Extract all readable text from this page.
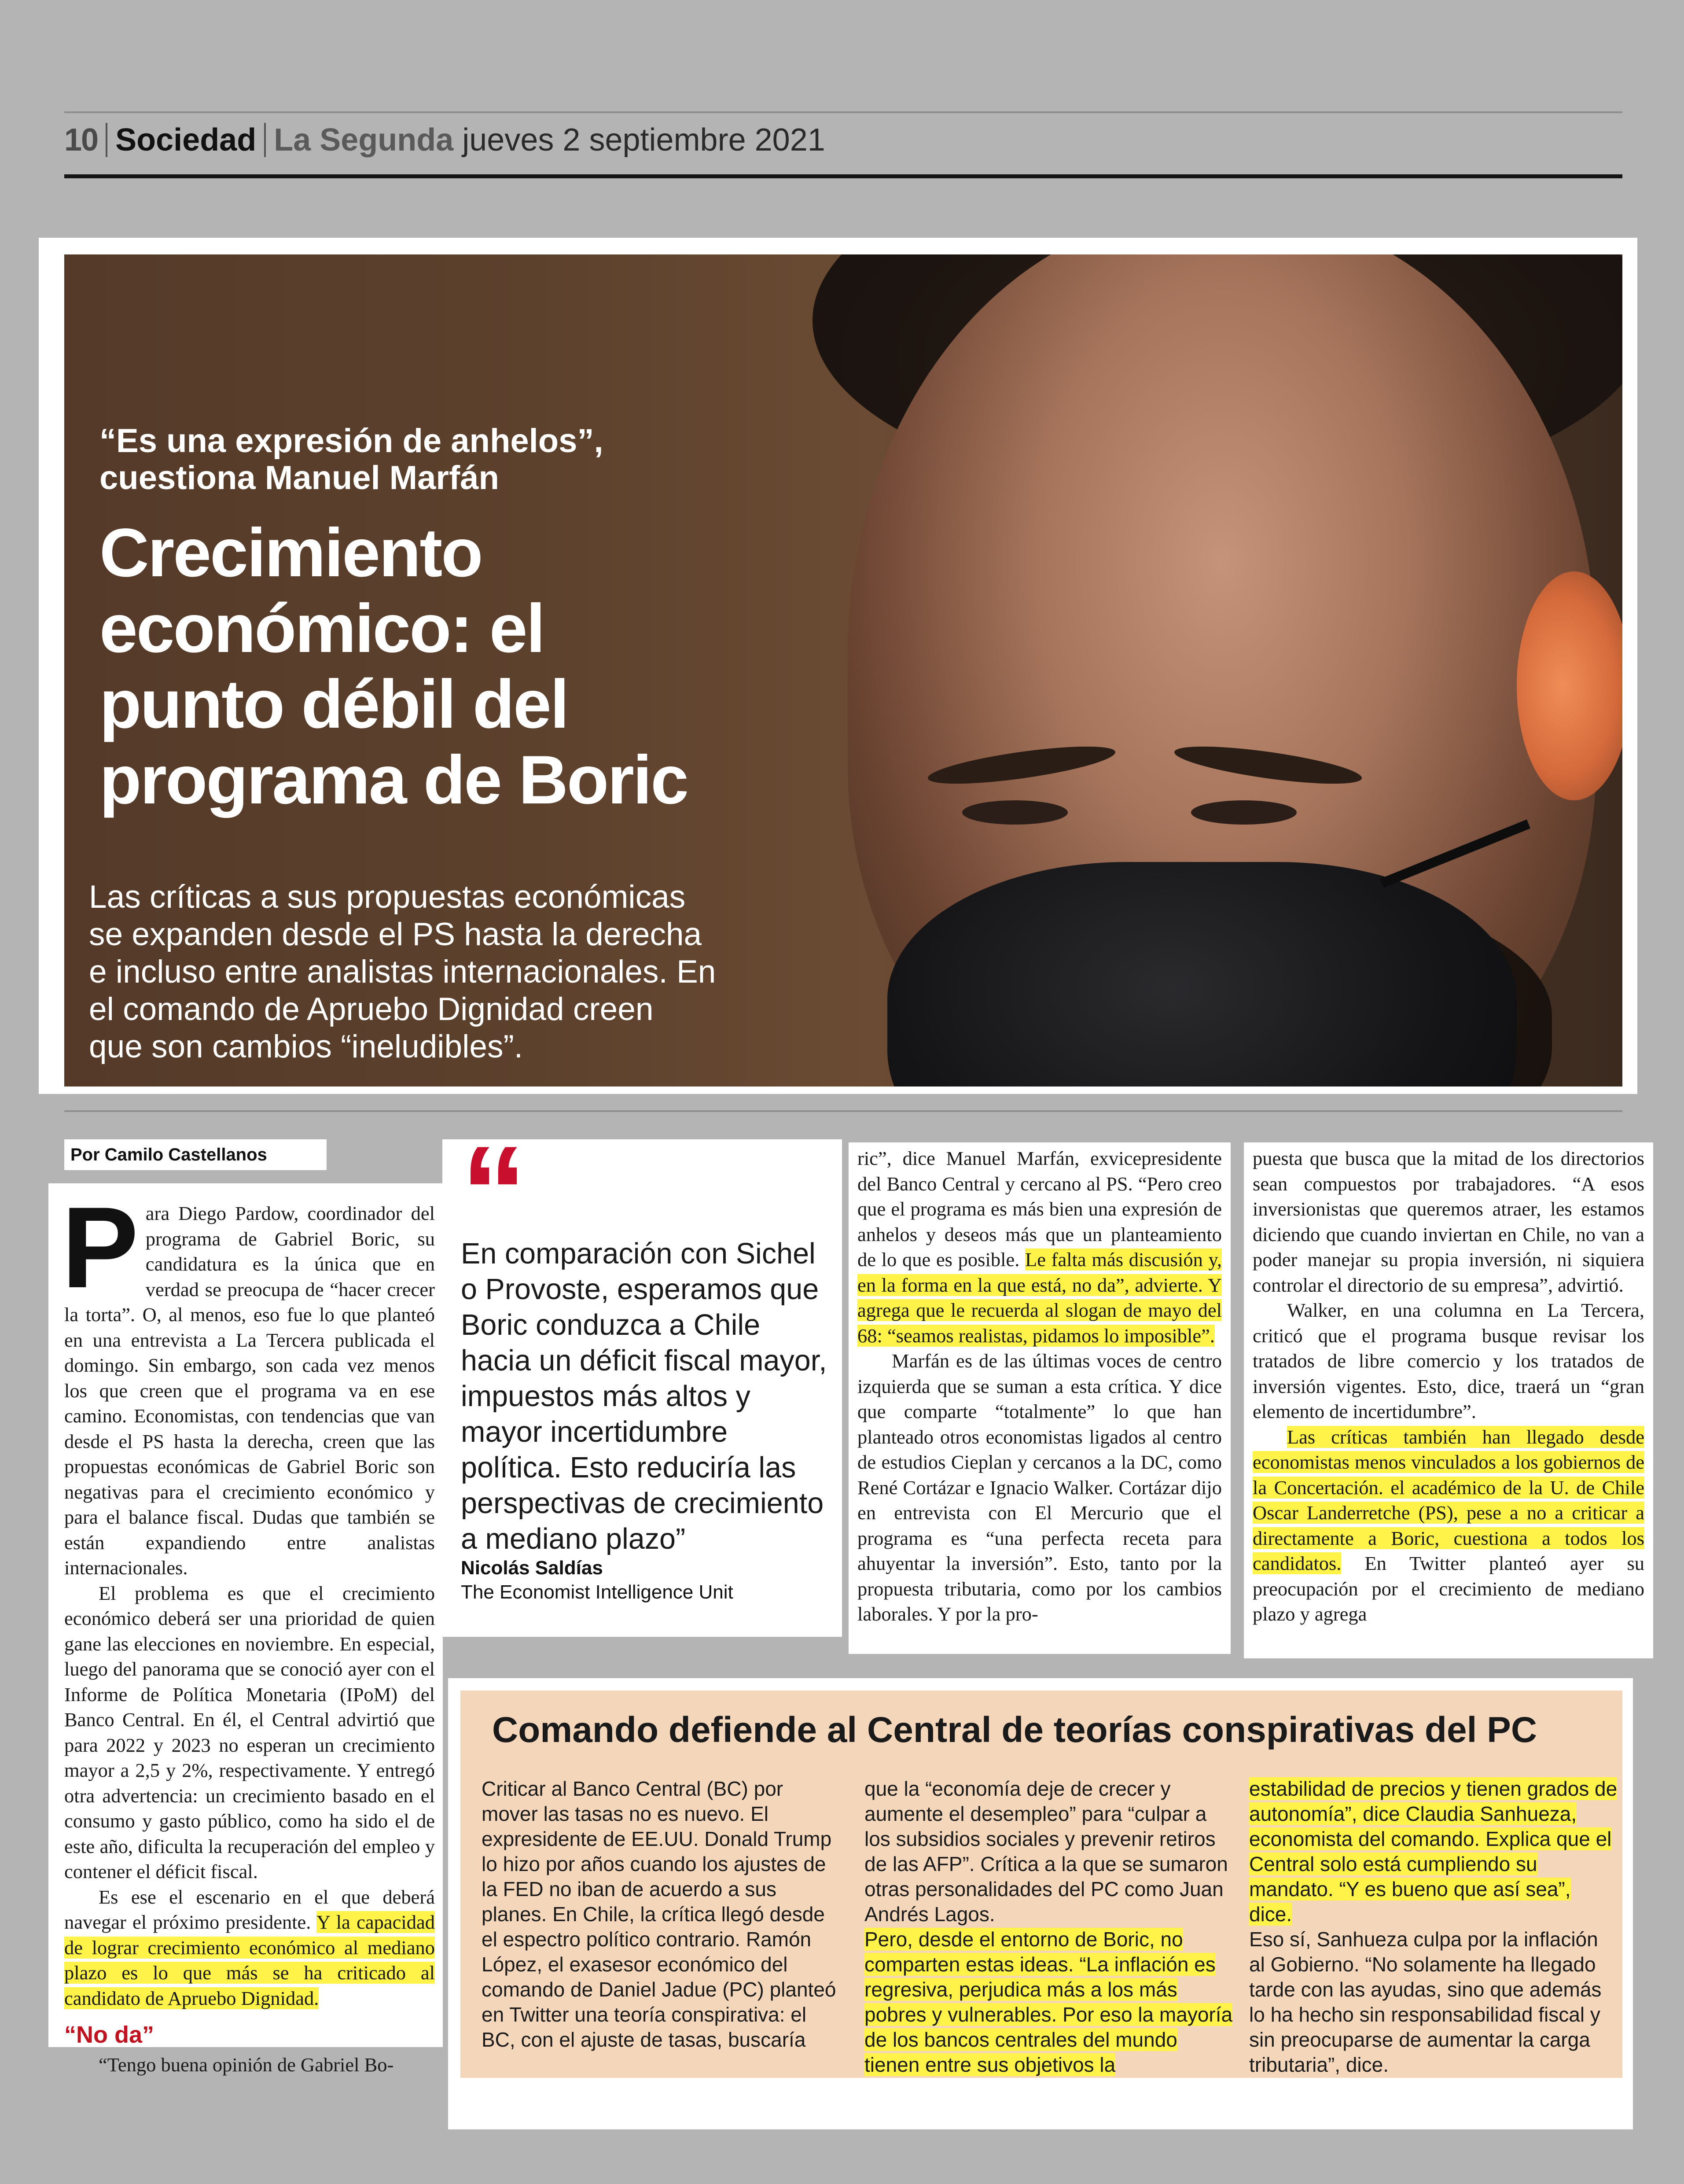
10 Sociedad La Segunda jueves 2 septiembre 2021
“Es una expresión de anhelos”,
cuestiona Manuel Marfán
Crecimiento
económico: el
punto débil del
programa de Boric
Las críticas a sus propuestas económicas
se expanden desde el PS hasta la derecha
e incluso entre analistas internacionales. En
el comando de Apruebo Dignidad creen
que son cambios “ineludibles”.
Por Camilo Castellanos
P ara Diego Pardow, coordinador del programa de Gabriel Boric, su candidatura es la única que en verdad se preocupa de “hacer crecer la torta”. O, al menos, eso fue lo que planteó en una entrevista a La Tercera publicada el domingo. Sin embargo, son cada vez menos los que creen que el programa va en ese camino. Economistas, con tendencias que van desde el PS hasta la derecha, creen que las propuestas económicas de Gabriel Boric son negativas para el crecimiento económico y para el balance fiscal. Dudas que también se están expandiendo entre analistas internacionales.

El problema es que el crecimiento económico deberá ser una prioridad de quien gane las elecciones en noviembre. En especial, luego del panorama que se conoció ayer con el Informe de Política Monetaria (IPoM) del Banco Central. En él, el Central advirtió que para 2022 y 2023 no esperan un crecimiento mayor a 2,5 y 2%, respectivamente. Y entregó otra advertencia: un crecimiento basado en el consumo y gasto público, como ha sido el de este año, dificulta la recuperación del empleo y contener el déficit fiscal.

Es ese el escenario en el que deberá navegar el próximo presidente. Y la capacidad de lograr crecimiento económico al mediano plazo es lo que más se ha criticado al candidato de Apruebo Dignidad.

“No da”

“Tengo buena opinión de Gabriel Bo-

“
En comparación con Sichel o Provoste, esperamos que Boric conduzca a Chile hacia un déficit fiscal mayor, impuestos más altos y mayor incertidumbre política. Esto reduciría las perspectivas de crecimiento a mediano plazo”
Nicolás Saldías
The Economist Intelligence Unit

ric”, dice Manuel Marfán, exvicepresidente del Banco Central y cercano al PS. “Pero creo que el programa es más bien una expresión de anhelos y deseos más que un planteamiento de lo que es posible. Le falta más discusión y, en la forma en la que está, no da”, advierte. Y agrega que le recuerda al slogan de mayo del 68: “seamos realistas, pidamos lo imposible”.

Marfán es de las últimas voces de centro izquierda que se suman a esta crítica. Y dice que comparte “totalmente” lo que han planteado otros economistas ligados al centro de estudios Cieplan y cercanos a la DC, como René Cortázar e Ignacio Walker. Cortázar dijo en entrevista con El Mercurio que el programa es “una perfecta receta para ahuyentar la inversión”. Esto, tanto por la propuesta tributaria, como por los cambios laborales. Y por la pro-

puesta que busca que la mitad de los directorios sean compuestos por trabajadores. “A esos inversionistas que queremos atraer, les estamos diciendo que cuando inviertan en Chile, no van a poder manejar su propia inversión, ni siquiera controlar el directorio de su empresa”, advirtió.

Walker, en una columna en La Tercera, criticó que el programa busque revisar los tratados de libre comercio y los tratados de inversión vigentes. Esto, dice, traerá un “gran elemento de incertidumbre”.

Las críticas también han llegado desde economistas menos vinculados a los gobiernos de la Concertación. el académico de la U. de Chile Oscar Landerretche (PS), pese a no a criticar a directamente a Boric, cuestiona a todos los candidatos. En Twitter planteó ayer su preocupación por el crecimiento de mediano plazo y agrega

Comando defiende al Central de teorías conspirativas del PC

Criticar al Banco Central (BC) por mover las tasas no es nuevo. El expresidente de EE.UU. Donald Trump lo hizo por años cuando los ajustes de la FED no iban de acuerdo a sus planes. En Chile, la crítica llegó desde el espectro político contrario. Ramón López, el exasesor económico del comando de Daniel Jadue (PC) planteó en Twitter una teoría conspirativa: el BC, con el ajuste de tasas, buscaría

que la “economía deje de crecer y aumente el desempleo” para “culpar a los subsidios sociales y prevenir retiros de las AFP”. Crítica a la que se sumaron otras personalidades del PC como Juan Andrés Lagos.

Pero, desde el entorno de Boric, no comparten estas ideas. “La inflación es regresiva, perjudica más a los más pobres y vulnerables. Por eso la mayoría de los bancos centrales del mundo tienen entre sus objetivos la

estabilidad de precios y tienen grados de autonomía”, dice Claudia Sanhueza, economista del comando. Explica que el Central solo está cumpliendo su mandato. “Y es bueno que así sea”, dice.

Eso sí, Sanhueza culpa por la inflación al Gobierno. “No solamente ha llegado tarde con las ayudas, sino que además lo ha hecho sin responsabilidad fiscal y sin preocuparse de aumentar la carga tributaria”, dice.
